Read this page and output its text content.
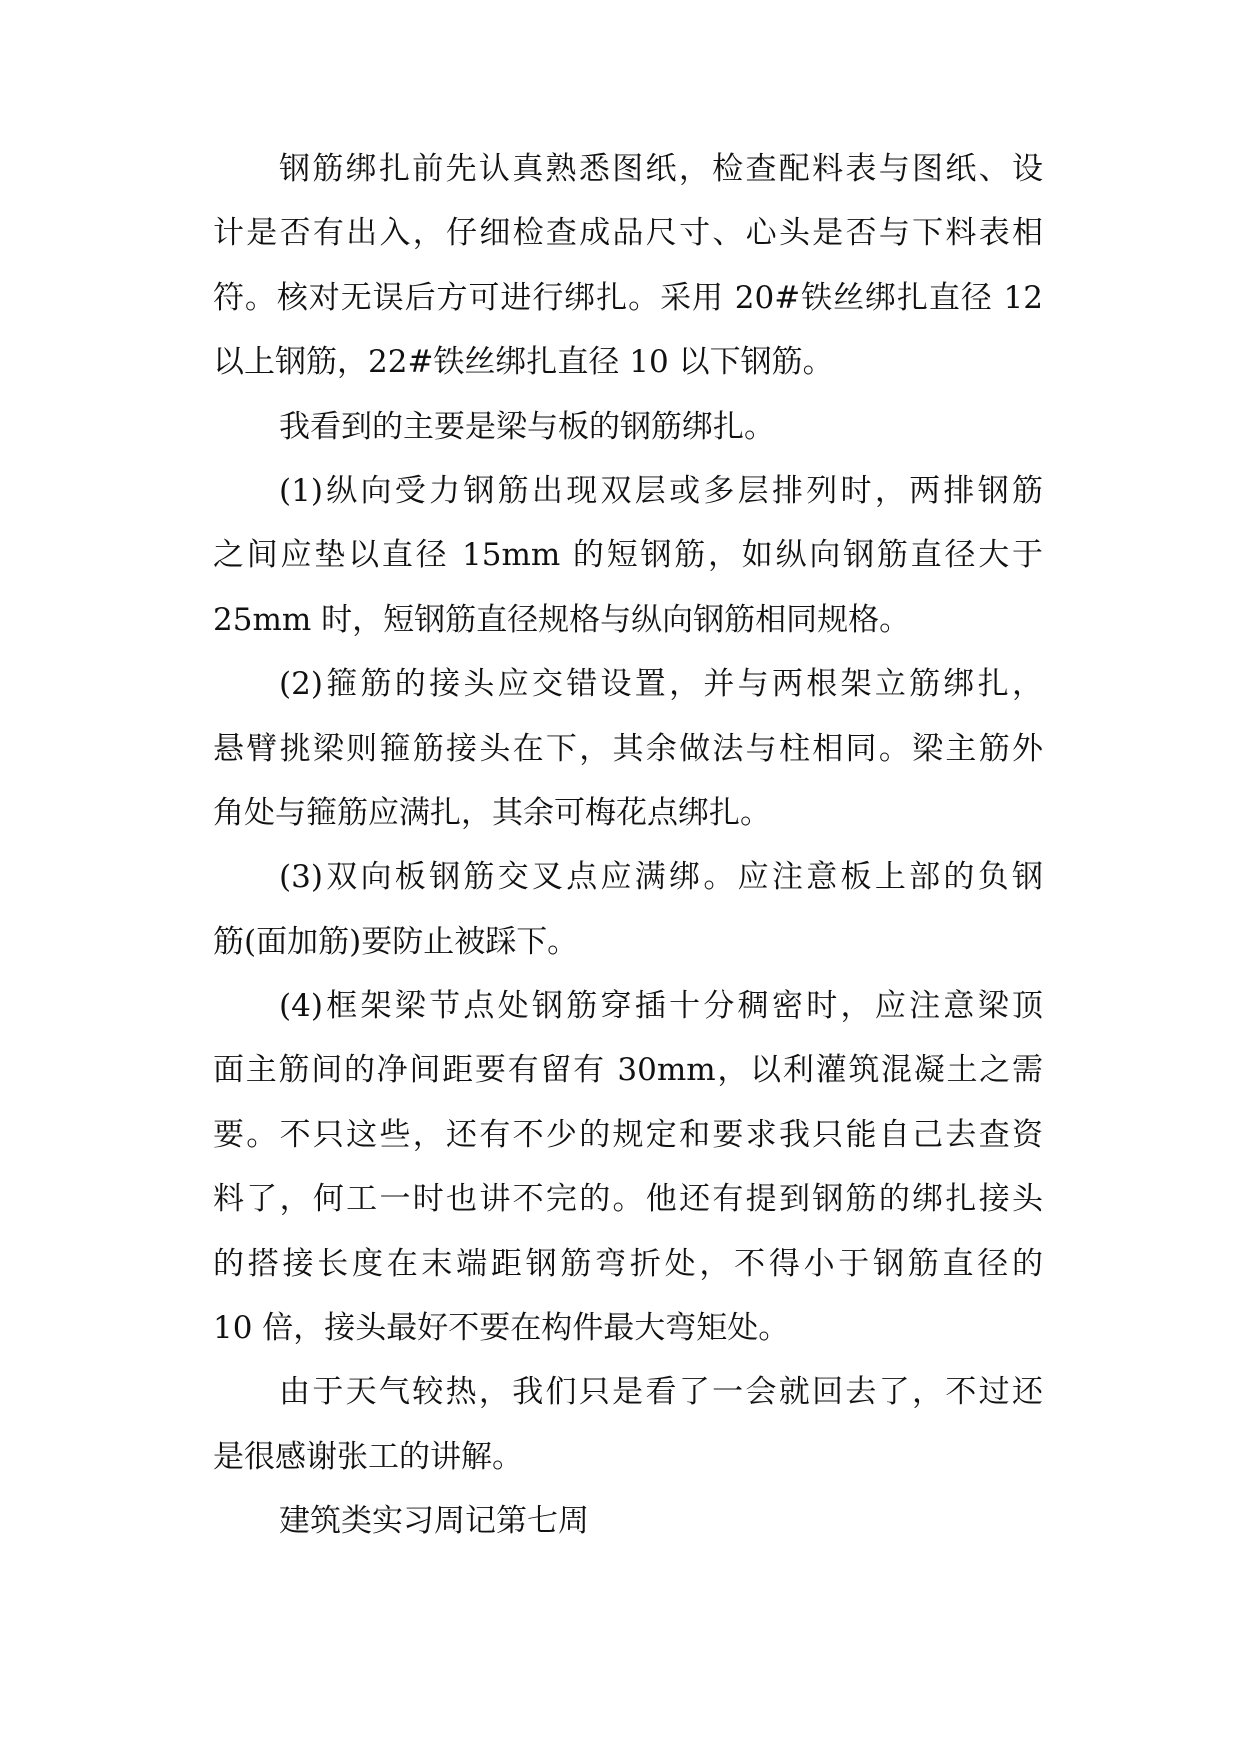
钢筋绑扎前先认真熟悉图纸，检查配料表与图纸、设
计是否有出入，仔细检查成品尺寸、心头是否与下料表相
符。核对无误后方可进行绑扎。采用 20#铁丝绑扎直径 12
以上钢筋，22#铁丝绑扎直径 10 以下钢筋。
我看到的主要是梁与板的钢筋绑扎。
(1)纵向受力钢筋出现双层或多层排列时，两排钢筋
之间应垫以直径 15mm 的短钢筋，如纵向钢筋直径大于
25mm 时，短钢筋直径规格与纵向钢筋相同规格。
(2)箍筋的接头应交错设置，并与两根架立筋绑扎，
悬臂挑梁则箍筋接头在下，其余做法与柱相同。梁主筋外
角处与箍筋应满扎，其余可梅花点绑扎。
(3)双向板钢筋交叉点应满绑。应注意板上部的负钢
筋(面加筋)要防止被踩下。
(4)框架梁节点处钢筋穿插十分稠密时，应注意梁顶
面主筋间的净间距要有留有 30mm，以利灌筑混凝土之需
要。不只这些，还有不少的规定和要求我只能自己去查资
料了，何工一时也讲不完的。他还有提到钢筋的绑扎接头
的搭接长度在末端距钢筋弯折处，不得小于钢筋直径的
10 倍，接头最好不要在构件最大弯矩处。
由于天气较热，我们只是看了一会就回去了，不过还
是很感谢张工的讲解。
建筑类实习周记第七周
